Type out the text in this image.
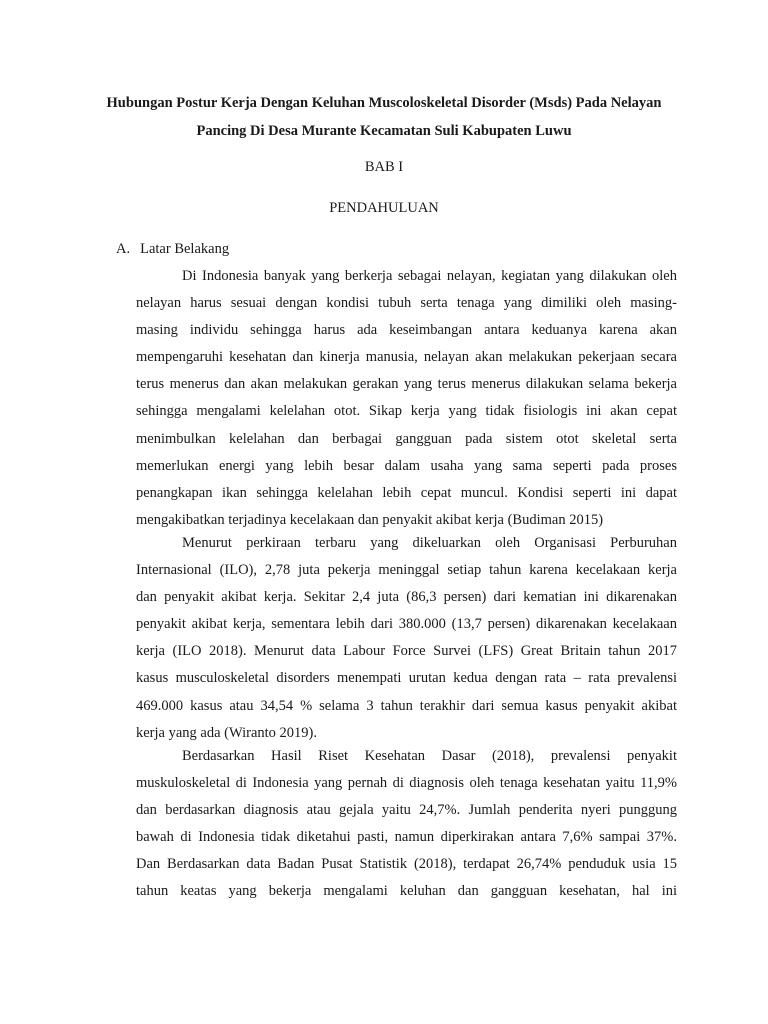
Hubungan Postur Kerja Dengan Keluhan Muscoloskeletal Disorder (Msds) Pada Nelayan
Pancing Di Desa Murante Kecamatan Suli Kabupaten Luwu
BAB I
PENDAHULUAN
A. Latar Belakang
Di Indonesia banyak yang berkerja sebagai nelayan, kegiatan yang dilakukan oleh
nelayan harus sesuai dengan kondisi tubuh serta tenaga yang dimiliki oleh masing-
masing individu sehingga harus ada keseimbangan antara keduanya karena akan
mempengaruhi kesehatan dan kinerja manusia, nelayan akan melakukan pekerjaan secara
terus menerus dan akan melakukan gerakan yang terus menerus dilakukan selama bekerja
sehingga mengalami kelelahan otot. Sikap kerja yang tidak fisiologis ini akan cepat
menimbulkan kelelahan dan berbagai gangguan pada sistem otot skeletal serta
memerlukan energi yang lebih besar dalam usaha yang sama seperti pada proses
penangkapan ikan sehingga kelelahan lebih cepat muncul. Kondisi seperti ini dapat
mengakibatkan terjadinya kecelakaan dan penyakit akibat kerja (Budiman 2015)
Menurut perkiraan terbaru yang dikeluarkan oleh Organisasi Perburuhan
Internasional (ILO), 2,78 juta pekerja meninggal setiap tahun karena kecelakaan kerja
dan penyakit akibat kerja. Sekitar 2,4 juta (86,3 persen) dari kematian ini dikarenakan
penyakit akibat kerja, sementara lebih dari 380.000 (13,7 persen) dikarenakan kecelakaan
kerja (ILO 2018). Menurut data Labour Force Survei (LFS) Great Britain tahun 2017
kasus musculoskeletal disorders menempati urutan kedua dengan rata – rata prevalensi
469.000 kasus atau 34,54 % selama 3 tahun terakhir dari semua kasus penyakit akibat
kerja yang ada (Wiranto 2019).
Berdasarkan Hasil Riset Kesehatan Dasar (2018), prevalensi penyakit
muskuloskeletal di Indonesia yang pernah di diagnosis oleh tenaga kesehatan yaitu 11,9%
dan berdasarkan diagnosis atau gejala yaitu 24,7%. Jumlah penderita nyeri punggung
bawah di Indonesia tidak diketahui pasti, namun diperkirakan antara 7,6% sampai 37%.
Dan Berdasarkan data Badan Pusat Statistik (2018), terdapat 26,74% penduduk usia 15
tahun keatas yang bekerja mengalami keluhan dan gangguan kesehatan, hal ini
